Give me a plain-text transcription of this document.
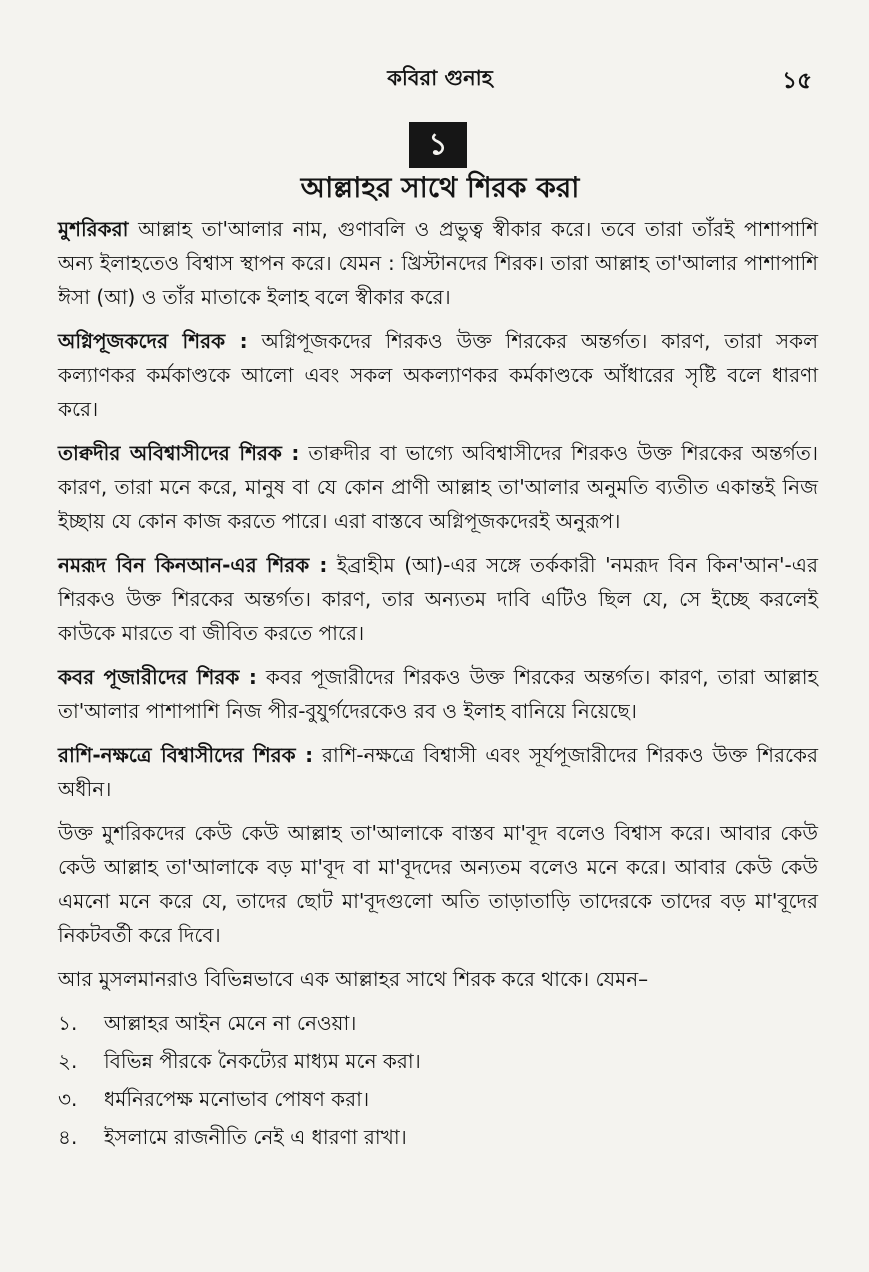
কবিরা গুনাহ	১৫
১
আল্লাহর সাথে শিরক করা

মুশরিকরা আল্লাহ তা'আলার নাম, গুণাবলি ও প্রভুত্ব স্বীকার করে। তবে তারা তাঁরই পাশাপাশি অন্য ইলাহতেও বিশ্বাস স্থাপন করে। যেমন : খ্রিস্টানদের শিরক। তারা আল্লাহ তা'আলার পাশাপাশি ঈসা (আ) ও তাঁর মাতাকে ইলাহ বলে স্বীকার করে।

অগ্নিপূজকদের শিরক : অগ্নিপূজকদের শিরকও উক্ত শিরকের অন্তর্গত। কারণ, তারা সকল কল্যাণকর কর্মকাণ্ডকে আলো এবং সকল অকল্যাণকর কর্মকাণ্ডকে আঁধারের সৃষ্টি বলে ধারণা করে।

তাক্বদীর অবিশ্বাসীদের শিরক : তাক্বদীর বা ভাগ্যে অবিশ্বাসীদের শিরকও উক্ত শিরকের অন্তর্গত। কারণ, তারা মনে করে, মানুষ বা যে কোন প্রাণী আল্লাহ তা'আলার অনুমতি ব্যতীত একান্তই নিজ ইচ্ছায় যে কোন কাজ করতে পারে। এরা বাস্তবে অগ্নিপূজকদেরই অনুরূপ।

নমরূদ বিন কিনআন-এর শিরক : ইব্রাহীম (আ)-এর সঙ্গে তর্ককারী 'নমরূদ বিন কিন'আন'-এর শিরকও উক্ত শিরকের অন্তর্গত। কারণ, তার অন্যতম দাবি এটিও ছিল যে, সে ইচ্ছে করলেই কাউকে মারতে বা জীবিত করতে পারে।

কবর পূজারীদের শিরক : কবর পূজারীদের শিরকও উক্ত শিরকের অন্তর্গত। কারণ, তারা আল্লাহ তা'আলার পাশাপাশি নিজ পীর-বুযুর্গদেরকেও রব ও ইলাহ বানিয়ে নিয়েছে।

রাশি-নক্ষত্রে বিশ্বাসীদের শিরক : রাশি-নক্ষত্রে বিশ্বাসী এবং সূর্যপূজারীদের শিরকও উক্ত শিরকের অধীন।

উক্ত মুশরিকদের কেউ কেউ আল্লাহ তা'আলাকে বাস্তব মা'বূদ বলেও বিশ্বাস করে। আবার কেউ কেউ আল্লাহ তা'আলাকে বড় মা'বূদ বা মা'বূদদের অন্যতম বলেও মনে করে। আবার কেউ কেউ এমনো মনে করে যে, তাদের ছোট মা'বূদগুলো অতি তাড়াতাড়ি তাদেরকে তাদের বড় মা'বূদের নিকটবর্তী করে দিবে।

আর মুসলমানরাও বিভিন্নভাবে এক আল্লাহর সাথে শিরক করে থাকে। যেমন–

১.	আল্লাহর আইন মেনে না নেওয়া।
২.	বিভিন্ন পীরকে নৈকট্যের মাধ্যম মনে করা।
৩.	ধর্মনিরপেক্ষ মনোভাব পোষণ করা।
৪.	ইসলামে রাজনীতি নেই এ ধারণা রাখা।
